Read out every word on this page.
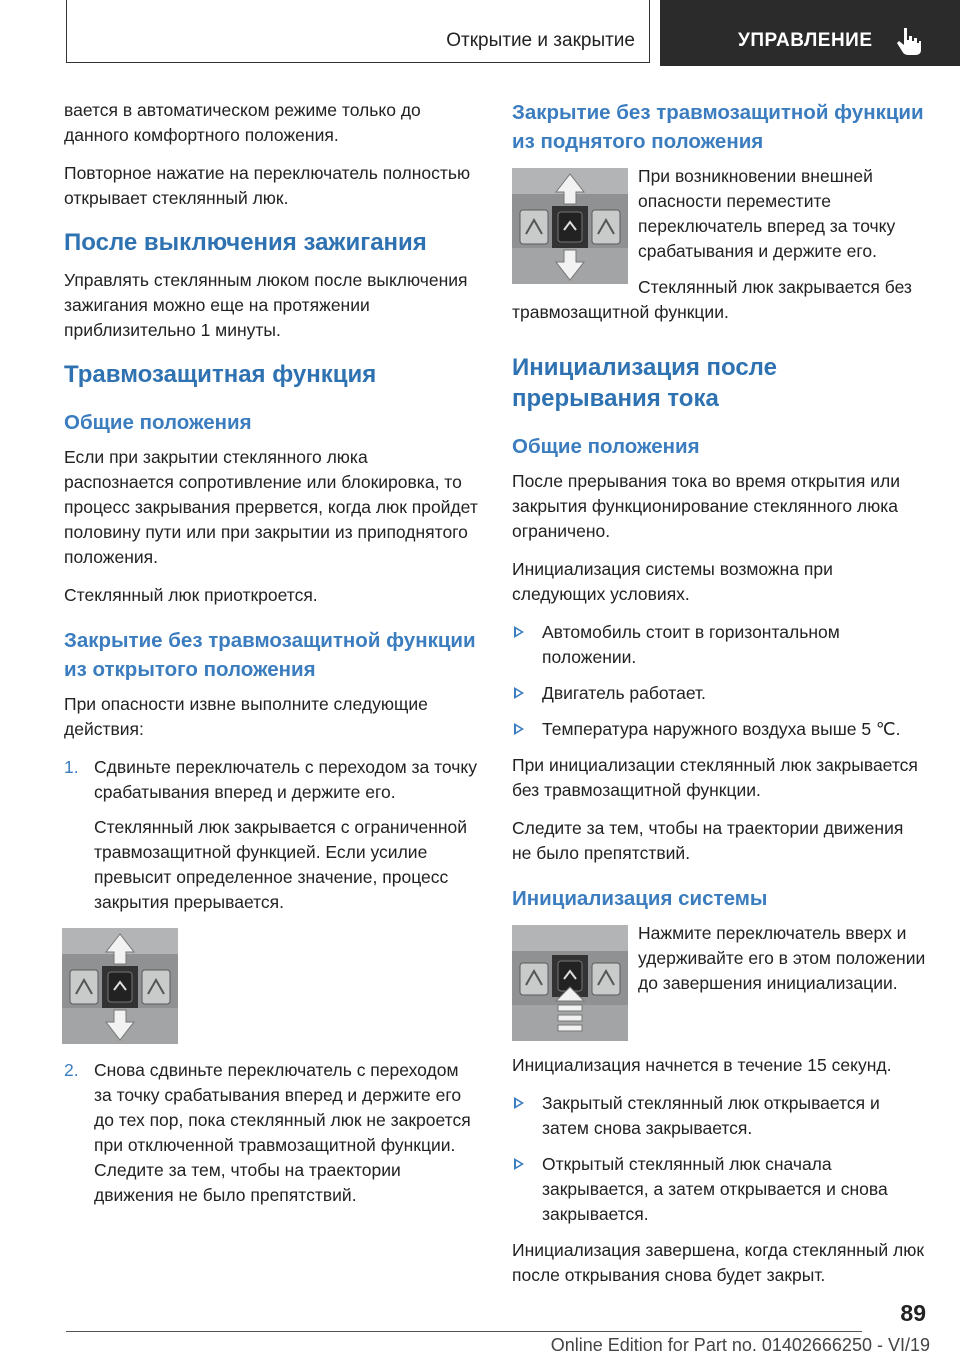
Открытие и закрытие	УПРАВЛЕНИЕ

вается в автоматическом режиме только до данного комфортного положения.

Повторное нажатие на переключатель полностью открывает стеклянный люк.

После выключения зажигания

Управлять стеклянным люком после выключения зажигания можно еще на протяжении приблизительно 1 минуты.

Травмозащитная функция
Общие положения

Если при закрытии стеклянного люка распознается сопротивление или блокировка, то процесс закрывания прервется, когда люк пройдет половину пути или при закрытии из приподнятого положения.

Стеклянный люк приоткроется.

Закрытие без травмозащитной функции из открытого положения

При опасности извне выполните следующие действия:

1. Сдвиньте переключатель с переходом за точку срабатывания вперед и держите его.

Стеклянный люк закрывается с ограниченной травмозащитной функцией. Если усилие превысит определенное значение, процесс закрытия прерывается.

2. Снова сдвиньте переключатель с переходом за точку срабатывания вперед и держите его до тех пор, пока стеклянный люк не закроется при отключенной травмозащитной функции. Следите за тем, чтобы на траектории движения не было препятствий.

Закрытие без травмозащитной функции из поднятого положения

При возникновении внешней опасности переместите переключатель вперед за точку срабатывания и держите его.

Стеклянный люк закрывается без травмозащитной функции.

Инициализация после прерывания тока
Общие положения

После прерывания тока во время открытия или закрытия функционирование стеклянного люка ограничено.

Инициализация системы возможна при следующих условиях.

Автомобиль стоит в горизонтальном положении.
Двигатель работает.
Температура наружного воздуха выше 5 ℃.

При инициализации стеклянный люк закрывается без травмозащитной функции.

Следите за тем, чтобы на траектории движения не было препятствий.

Инициализация системы

Нажмите переключатель вверх и удерживайте его в этом положении до завершения инициализации.

Инициализация начнется в течение 15 секунд.

Закрытый стеклянный люк открывается и затем снова закрывается.
Открытый стеклянный люк сначала закрывается, а затем открывается и снова закрывается.

Инициализация завершена, когда стеклянный люк после открывания снова будет закрыт.

89
Online Edition for Part no. 01402666250 - VI/19
